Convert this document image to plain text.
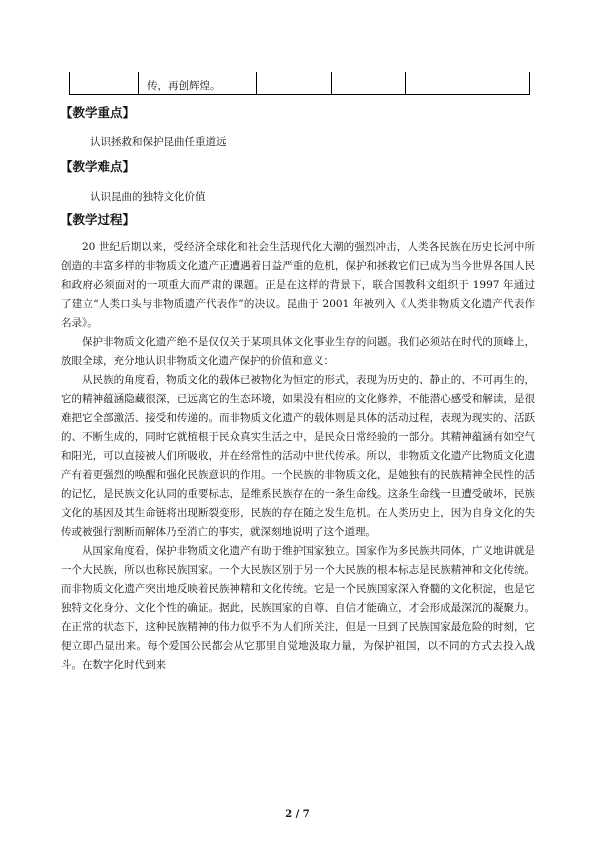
传，再创辉煌。
【教学重点】
认识拯救和保护昆曲任重道远
【教学难点】
认识昆曲的独特文化价值
【教学过程】

20 世纪后期以来，受经济全球化和社会生活现代化大潮的强烈冲击，人类各民族在历史长河中所创造的丰富多样的非物质文化遗产正遭遇着日益严重的危机，保护和拯救它们已成为当今世界各国人民和政府必须面对的一项重大而严肃的课题。正是在这样的背景下，联合国教科文组织于 1997 年通过了建立“人类口头与非物质遗产代表作”的决议。昆曲于 2001 年被列入《人类非物质文化遗产代表作名录》。

保护非物质文化遗产绝不是仅仅关于某项具体文化事业生存的问题。我们必须站在时代的顶峰上，放眼全球，充分地认识非物质文化遗产保护的价值和意义：

从民族的角度看，物质文化的载体已被物化为恒定的形式，表现为历史的、静止的、不可再生的，它的精神蕴涵隐藏很深，已远离它的生态环境，如果没有相应的文化修养，不能潜心感受和解读，是很难把它全部激活、接受和传递的。而非物质文化遗产的载体则是具体的活动过程，表现为现实的、活跃的、不断生成的，同时它就植根于民众真实生活之中，是民众日常经验的一部分。其精神蕴涵有如空气和阳光，可以直接被人们所吸收，并在经常性的活动中世代传承。所以，非物质文化遗产比物质文化遗产有着更强烈的唤醒和强化民族意识的作用。一个民族的非物质文化，是她独有的民族精神全民性的活的记忆，是民族文化认同的重要标志，是维系民族存在的一条生命线。这条生命线一旦遭受破坏，民族文化的基因及其生命链将出现断裂变形，民族的存在随之发生危机。在人类历史上，因为自身文化的失传或被强行割断而解体乃至消亡的事实，就深刻地说明了这个道理。

从国家角度看，保护非物质文化遗产有助于维护国家独立。国家作为多民族共同体，广义地讲就是一个大民族，所以也称民族国家。一个大民族区别于另一个大民族的根本标志是民族精神和文化传统。而非物质文化遗产突出地反映着民族神精和文化传统。它是一个民族国家深入脊髓的文化积淀，也是它独特文化身分、文化个性的确证。据此，民族国家的自尊、自信才能确立，才会形成最深沉的凝聚力。在正常的状态下，这种民族精神的伟力似乎不为人们所关注，但是一旦到了民族国家最危险的时刻，它便立即凸显出来。每个爱国公民都会从它那里自觉地汲取力量，为保护祖国，以不同的方式去投入战斗。在数字化时代到来

2 / 7
